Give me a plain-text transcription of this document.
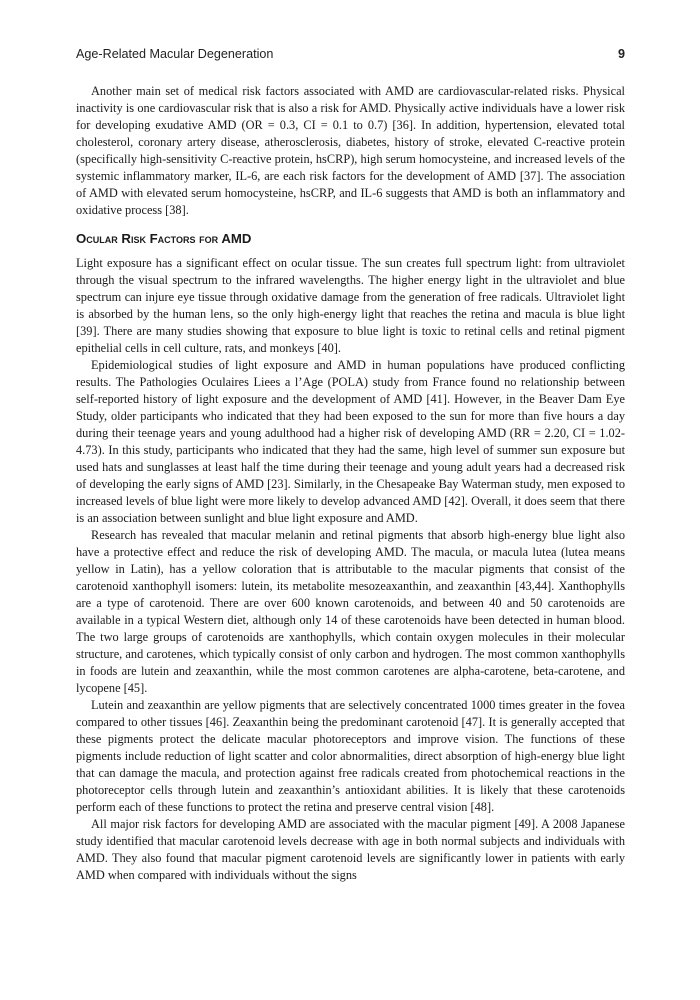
Age-Related Macular Degeneration	9

Another main set of medical risk factors associated with AMD are cardiovascular-related risks. Physical inactivity is one cardiovascular risk that is also a risk for AMD. Physically active individuals have a lower risk for developing exudative AMD (OR = 0.3, CI = 0.1 to 0.7) [36]. In addition, hypertension, elevated total cholesterol, coronary artery disease, atherosclerosis, diabetes, history of stroke, elevated C-reactive protein (specifically high-sensitivity C-reactive protein, hsCRP), high serum homocysteine, and increased levels of the systemic inflammatory marker, IL-6, are each risk factors for the development of AMD [37]. The association of AMD with elevated serum homocysteine, hsCRP, and IL-6 suggests that AMD is both an inflammatory and oxidative process [38].

Ocular Risk Factors for AMD

Light exposure has a significant effect on ocular tissue. The sun creates full spectrum light: from ultraviolet through the visual spectrum to the infrared wavelengths. The higher energy light in the ultraviolet and blue spectrum can injure eye tissue through oxidative damage from the generation of free radicals. Ultraviolet light is absorbed by the human lens, so the only high-energy light that reaches the retina and macula is blue light [39]. There are many studies showing that exposure to blue light is toxic to retinal cells and retinal pigment epithelial cells in cell culture, rats, and monkeys [40].

Epidemiological studies of light exposure and AMD in human populations have produced conflicting results. The Pathologies Oculaires Liees a l’Age (POLA) study from France found no relationship between self-reported history of light exposure and the development of AMD [41]. However, in the Beaver Dam Eye Study, older participants who indicated that they had been exposed to the sun for more than five hours a day during their teenage years and young adulthood had a higher risk of developing AMD (RR = 2.20, CI = 1.02-4.73). In this study, participants who indicated that they had the same, high level of summer sun exposure but used hats and sunglasses at least half the time during their teenage and young adult years had a decreased risk of developing the early signs of AMD [23]. Similarly, in the Chesapeake Bay Waterman study, men exposed to increased levels of blue light were more likely to develop advanced AMD [42]. Overall, it does seem that there is an association between sunlight and blue light exposure and AMD.

Research has revealed that macular melanin and retinal pigments that absorb high-energy blue light also have a protective effect and reduce the risk of developing AMD. The macula, or macula lutea (lutea means yellow in Latin), has a yellow coloration that is attributable to the macular pigments that consist of the carotenoid xanthophyll isomers: lutein, its metabolite mesozeaxanthin, and zeaxanthin [43,44]. Xanthophylls are a type of carotenoid. There are over 600 known carotenoids, and between 40 and 50 carotenoids are available in a typical Western diet, although only 14 of these carotenoids have been detected in human blood. The two large groups of carotenoids are xanthophylls, which contain oxygen molecules in their molecular structure, and carotenes, which typically consist of only carbon and hydrogen. The most common xanthophylls in foods are lutein and zeaxanthin, while the most common carotenes are alpha-carotene, beta-carotene, and lycopene [45].

Lutein and zeaxanthin are yellow pigments that are selectively concentrated 1000 times greater in the fovea compared to other tissues [46]. Zeaxanthin being the predominant carotenoid [47]. It is generally accepted that these pigments protect the delicate macular photoreceptors and improve vision. The functions of these pigments include reduction of light scatter and color abnormalities, direct absorption of high-energy blue light that can damage the macula, and protection against free radicals created from photochemical reactions in the photoreceptor cells through lutein and zeaxanthin’s antioxidant abilities. It is likely that these carotenoids perform each of these functions to protect the retina and preserve central vision [48].

All major risk factors for developing AMD are associated with the macular pigment [49]. A 2008 Japanese study identified that macular carotenoid levels decrease with age in both normal subjects and individuals with AMD. They also found that macular pigment carotenoid levels are significantly lower in patients with early AMD when compared with individuals without the signs
